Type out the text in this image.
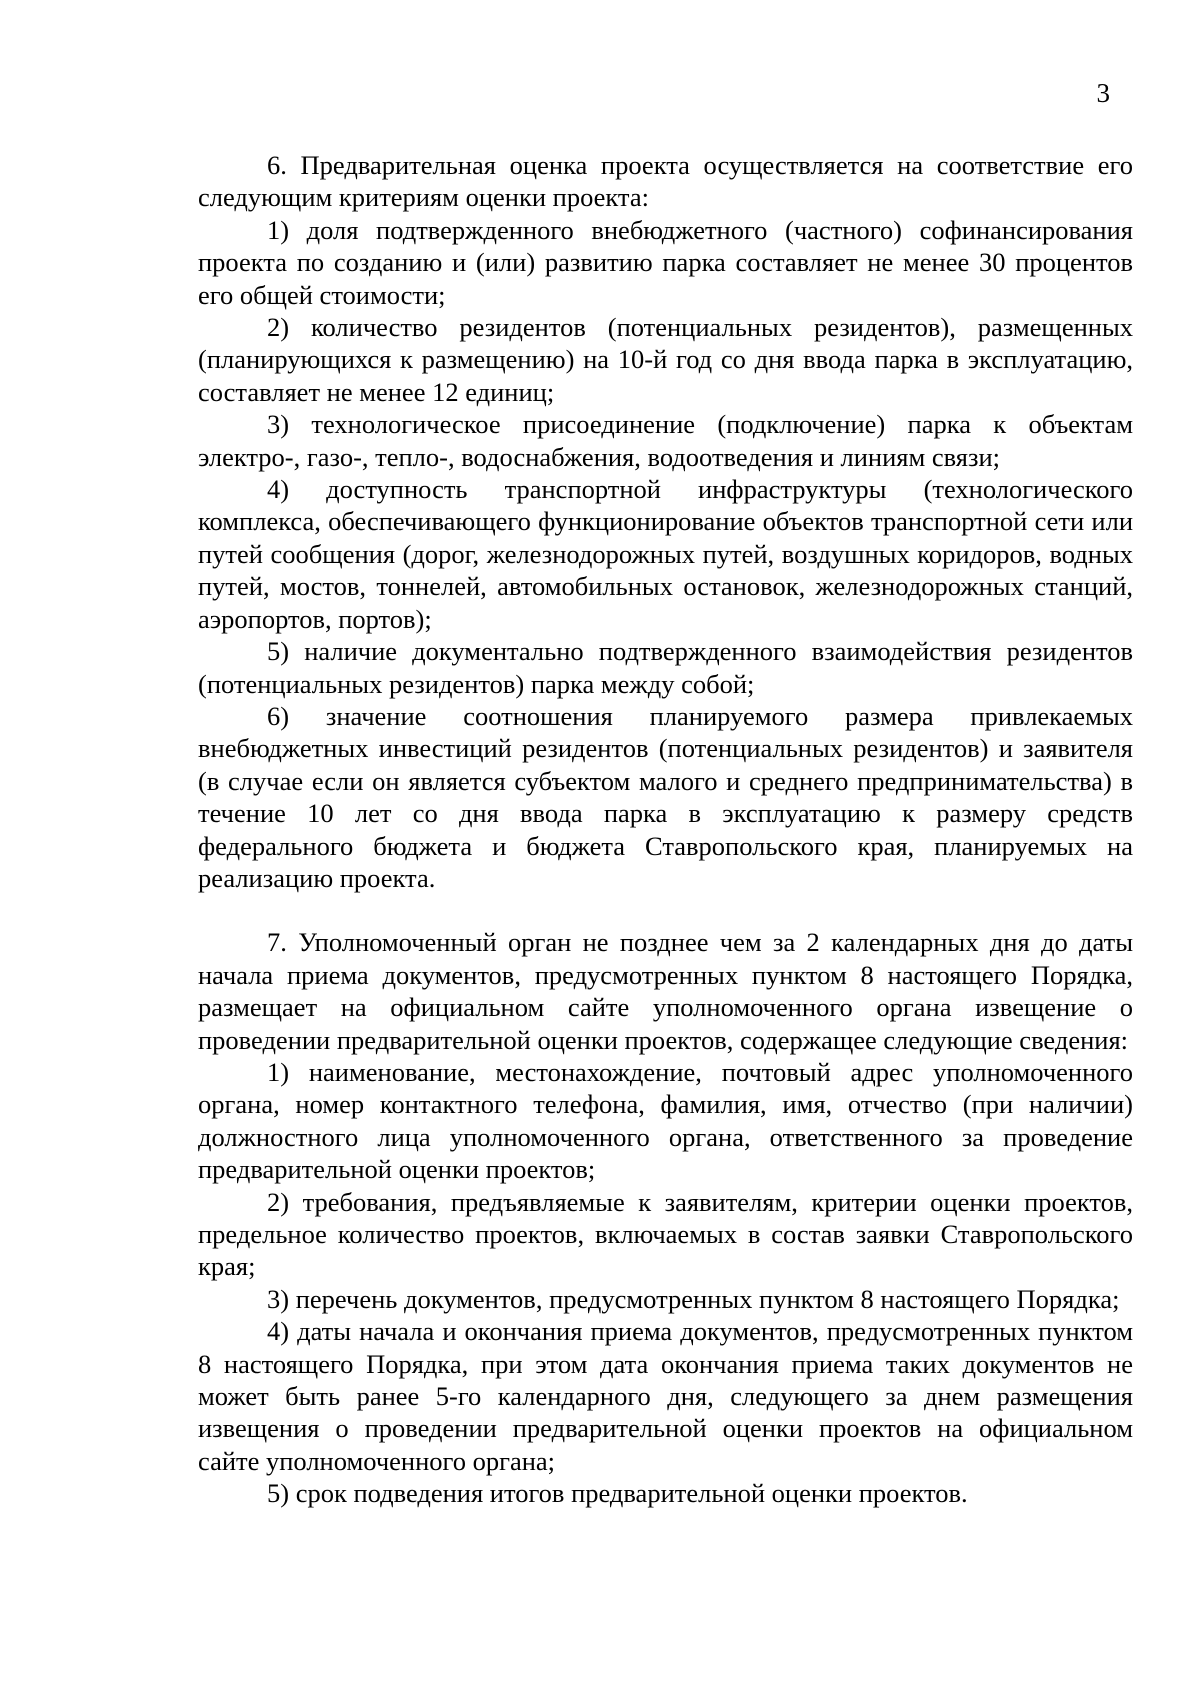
3

6. Предварительная оценка проекта осуществляется на соответствие его следующим критериям оценки проекта:

1) доля подтвержденного внебюджетного (частного) софинансирования проекта по созданию и (или) развитию парка составляет не менее 30 процентов его общей стоимости;

2) количество резидентов (потенциальных резидентов), размещенных (планирующихся к размещению) на 10-й год со дня ввода парка в эксплуатацию, составляет не менее 12 единиц;

3) технологическое присоединение (подключение) парка к объектам электро-, газо-, тепло-, водоснабжения, водоотведения и линиям связи;

4) доступность транспортной инфраструктуры (технологического комплекса, обеспечивающего функционирование объектов транспортной сети или путей сообщения (дорог, железнодорожных путей, воздушных коридоров, водных путей, мостов, тоннелей, автомобильных остановок, железнодорожных станций, аэропортов, портов);

5) наличие документально подтвержденного взаимодействия резидентов (потенциальных резидентов) парка между собой;

6) значение соотношения планируемого размера привлекаемых внебюджетных инвестиций резидентов (потенциальных резидентов) и заявителя (в случае если он является субъектом малого и среднего предпринимательства) в течение 10 лет со дня ввода парка в эксплуатацию к размеру средств федерального бюджета и бюджета Ставропольского края, планируемых на реализацию проекта.

7. Уполномоченный орган не позднее чем за 2 календарных дня до даты начала приема документов, предусмотренных пунктом 8 настоящего Порядка, размещает на официальном сайте уполномоченного органа извещение о проведении предварительной оценки проектов, содержащее следующие сведения:

1) наименование, местонахождение, почтовый адрес уполномоченного органа, номер контактного телефона, фамилия, имя, отчество (при наличии) должностного лица уполномоченного органа, ответственного за проведение предварительной оценки проектов;

2) требования, предъявляемые к заявителям, критерии оценки проектов, предельное количество проектов, включаемых в состав заявки Ставропольского края;

3) перечень документов, предусмотренных пунктом 8 настоящего Порядка;

4) даты начала и окончания приема документов, предусмотренных пунктом 8 настоящего Порядка, при этом дата окончания приема таких документов не может быть ранее 5-го календарного дня, следующего за днем размещения извещения о проведении предварительной оценки проектов на официальном сайте уполномоченного органа;

5) срок подведения итогов предварительной оценки проектов.
